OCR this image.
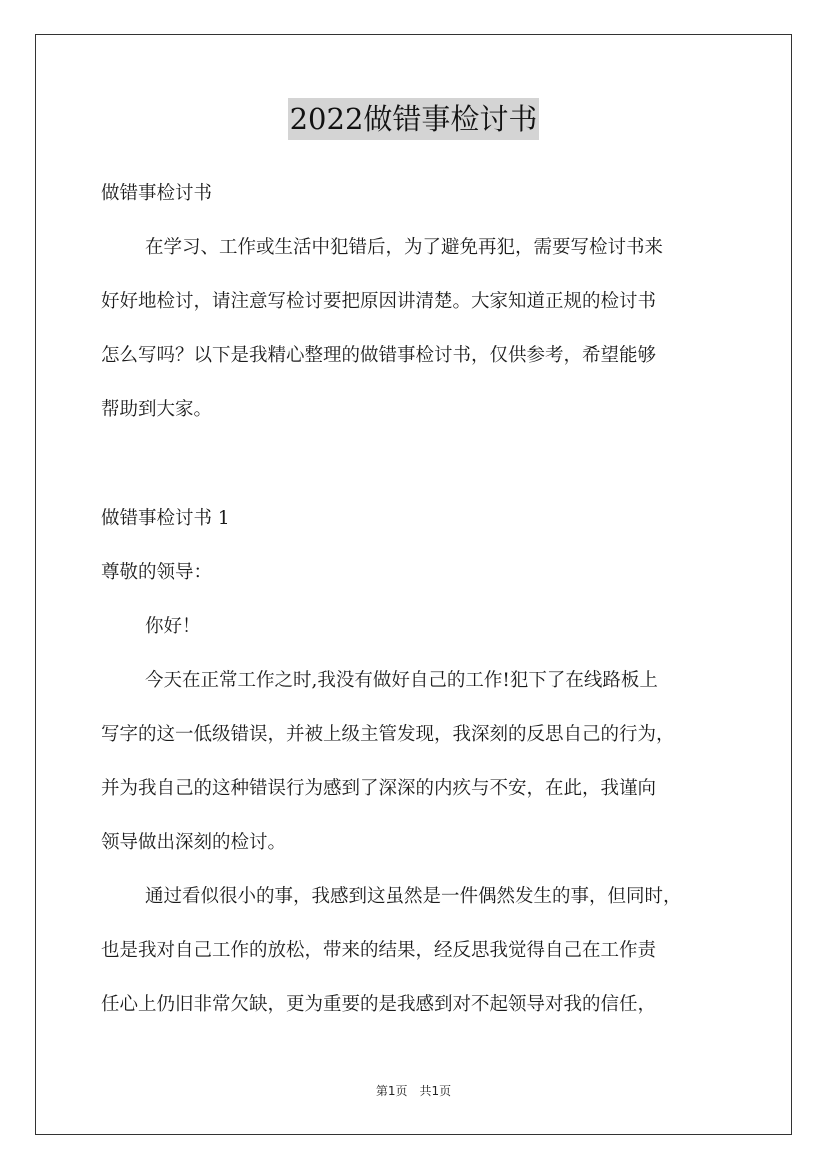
2022做错事检讨书
做错事检讨书
在学习、工作或生活中犯错后，为了避免再犯，需要写检讨书来
好好地检讨，请注意写检讨要把原因讲清楚。大家知道正规的检讨书
怎么写吗？以下是我精心整理的做错事检讨书，仅供参考，希望能够
帮助到大家。
做错事检讨书 1
尊敬的领导：
你好！
今天在正常工作之时,我没有做好自己的工作!犯下了在线路板上
写字的这一低级错误，并被上级主管发现，我深刻的反思自己的行为，
并为我自己的这种错误行为感到了深深的内疚与不安，在此，我谨向
领导做出深刻的检讨。
通过看似很小的事，我感到这虽然是一件偶然发生的事，但同时，
也是我对自己工作的放松，带来的结果，经反思我觉得自己在工作责
任心上仍旧非常欠缺，更为重要的是我感到对不起领导对我的信任，
第1页 共1页
